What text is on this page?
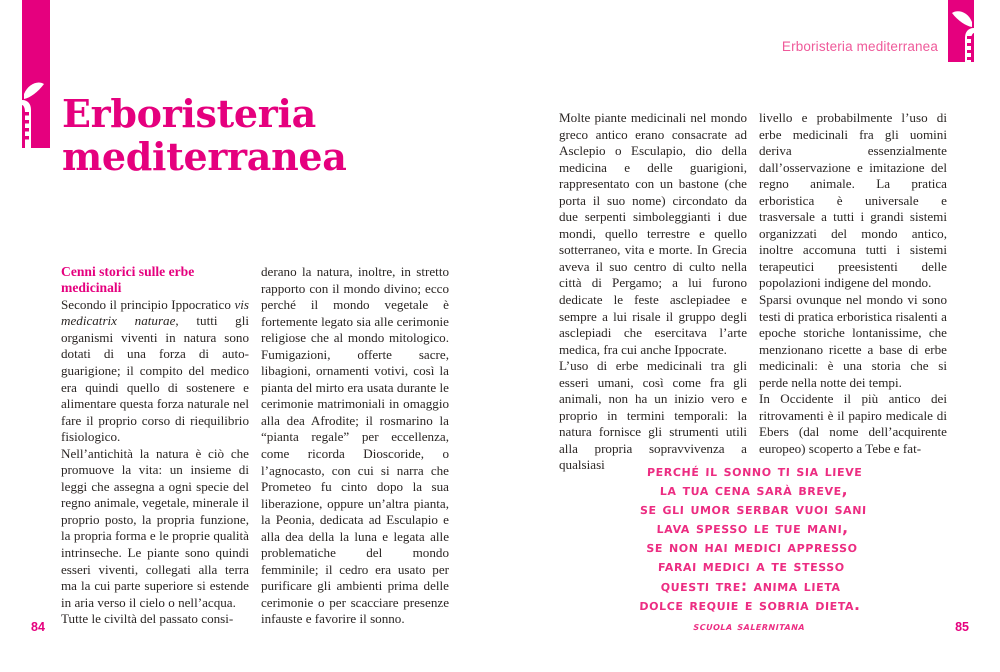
Erboristeria mediterranea
Erboristeria
mediterranea

Cenni storici sulle erbe medicinali
Secondo il principio Ippocratico vis medicatrix naturae, tutti gli organismi viventi in natura sono dotati di una forza di auto-guarigione; il compito del medico era quindi quello di sostenere e alimentare questa forza naturale nel fare il proprio corso di riequilibrio fisiologico.

Nell’antichità la natura è ciò che promuove la vita: un insieme di leggi che assegna a ogni specie del regno animale, vegetale, minerale il proprio posto, la propria funzione, la propria forma e le proprie qualità intrinseche. Le piante sono quindi esseri viventi, collegati alla terra ma la cui parte superiore si estende in aria verso il cielo o nell’acqua.

Tutte le civiltà del passato consi-

derano la natura, inoltre, in stretto rapporto con il mondo divino; ecco perché il mondo vegetale è fortemente legato sia alle cerimonie religiose che al mondo mitologico. Fumigazioni, offerte sacre, libagioni, ornamenti votivi, così la pianta del mirto era usata durante le cerimonie matrimoniali in omaggio alla dea Afrodite; il rosmarino la “pianta regale” per eccellenza, come ricorda Dioscoride, o l’agnocasto, con cui si narra che Prometeo fu cinto dopo la sua liberazione, oppure un’altra pianta, la Peonia, dedicata ad Esculapio e alla dea della la luna e legata alle problematiche del mondo femminile; il cedro era usato per purificare gli ambienti prima delle cerimonie o per scacciare presenze infauste e favorire il sonno.

Molte piante medicinali nel mondo greco antico erano consacrate ad Asclepio o Esculapio, dio della medicina e delle guarigioni, rappresentato con un bastone (che porta il suo nome) circondato da due serpenti simboleggianti i due mondi, quello terrestre e quello sotterraneo, vita e morte. In Grecia aveva il suo centro di culto nella città di Pergamo; a lui furono dedicate le feste asclepiadee e sempre a lui risale il gruppo degli asclepiadi che esercitava l’arte medica, fra cui anche Ippocrate.

L’uso di erbe medicinali tra gli esseri umani, così come fra gli animali, non ha un inizio vero e proprio in termini temporali: la natura fornisce gli strumenti utili alla propria sopravvivenza a qualsiasi

livello e probabilmente l’uso di erbe medicinali fra gli uomini deriva essenzialmente dall’osservazione e imitazione del regno animale. La pratica erboristica è universale e trasversale a tutti i grandi sistemi organizzati del mondo antico, inoltre accomuna tutti i sistemi terapeutici preesistenti delle popolazioni indigene del mondo.

Sparsi ovunque nel mondo vi sono testi di pratica erboristica risalenti a epoche storiche lontanissime, che menzionano ricette a base di erbe medicinali: è una storia che si perde nella notte dei tempi.

In Occidente il più antico dei ritrovamenti è il papiro medicale di Ebers (dal nome dell’acquirente europeo) scoperto a Tebe e fat-

perché il sonno ti sia lieve
la tua cena sarà breve,
se gli umor serbar vuoi sani
lava spesso le tue mani,
se non hai medici appresso
farai medici a te stesso
questi tre: anima lieta
dolce requie e sobria dieta.
scuola salernitana
84	85
